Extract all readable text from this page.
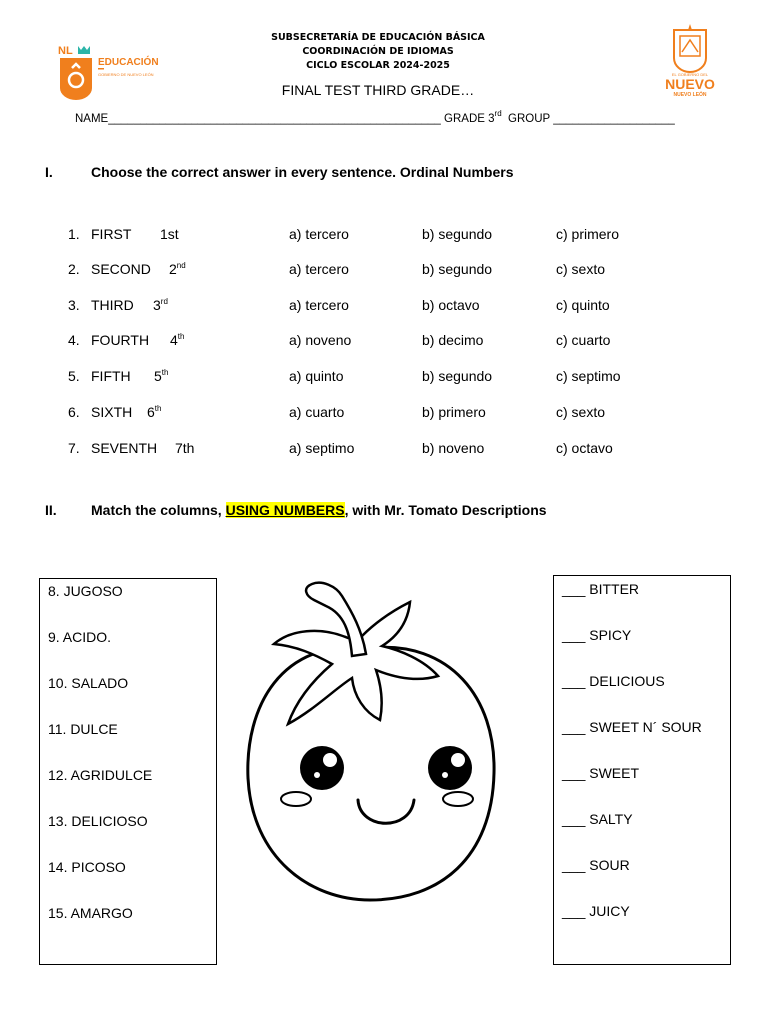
NL
EDUCACIÓN
GOBIERNO DE NUEVO LEÓN	EL GOBIERNO DEL
NUEVO
NUEVO LEÓN
SUBSECRETARÍA DE EDUCACIÓN BÁSICA
COORDINACIÓN DE IDIOMAS
CICLO ESCOLAR 2024-2025
FINAL TEST THIRD GRADE…
NAME____________________________________________________ GRADE 3rd GROUP ___________________
I.	Choose the correct answer in every sentence. Ordinal Numbers
1. FIRST 1st	a) tercero	b) segundo	c) primero
2. SECOND 2nd	a) tercero	b) segundo	c) sexto
3. THIRD 3rd	a) tercero	b) octavo	c) quinto
4. FOURTH 4th	a) noveno	b) decimo	c) cuarto
5. FIFTH 5th	a) quinto	b) segundo	c) septimo
6. SIXTH 6th	a) cuarto	b) primero	c) sexto
7. SEVENTH 7th	a) septimo	b) noveno	c) octavo
II. Match the columns, USING NUMBERS, with Mr. Tomato Descriptions
8. JUGOSO
9. ACIDO.
10. SALADO
11. DULCE
12. AGRIDULCE
13. DELICIOSO
14. PICOSO
15. AMARGO
___ BITTER
___ SPICY
___ DELICIOUS
___ SWEET N´ SOUR
___ SWEET
___ SALTY
___ SOUR
___ JUICY
